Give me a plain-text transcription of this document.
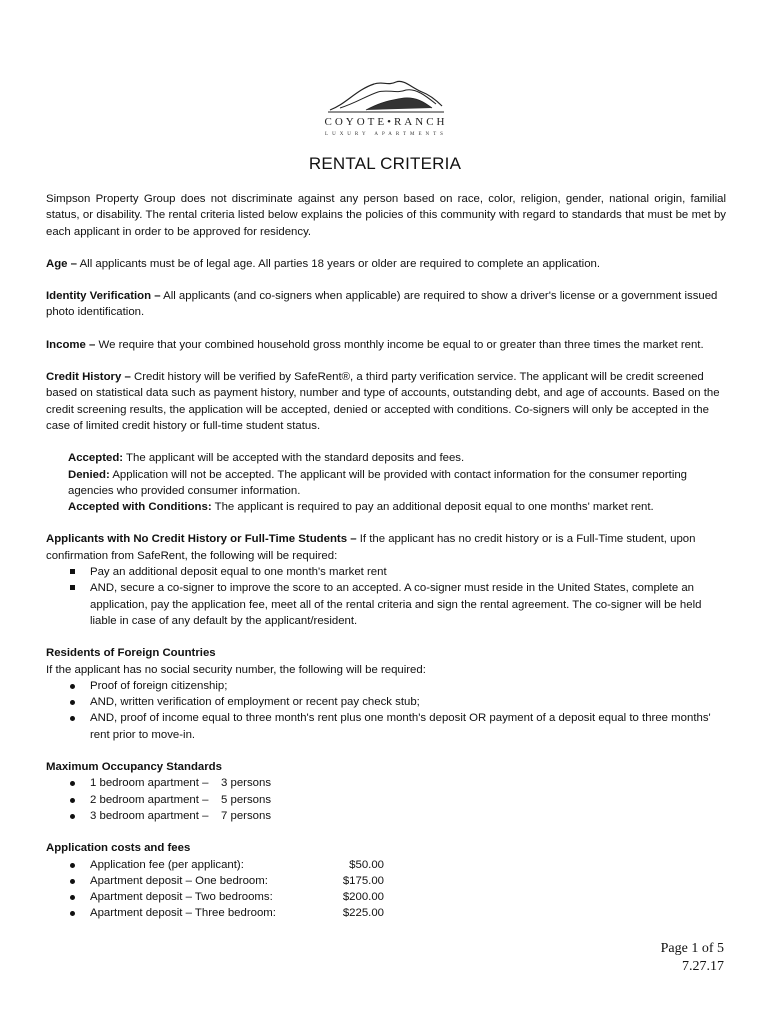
COYOTE•RANCH
LUXURY APARTMENTS
RENTAL CRITERIA

Simpson Property Group does not discriminate against any person based on race, color, religion, gender, national origin, familial status, or disability. The rental criteria listed below explains the policies of this community with regard to standards that must be met by each applicant in order to be approved for residency.

Age – All applicants must be of legal age. All parties 18 years or older are required to complete an application.

Identity Verification – All applicants (and co-signers when applicable) are required to show a driver's license or a government issued photo identification.

Income – We require that your combined household gross monthly income be equal to or greater than three times the market rent.

Credit History – Credit history will be verified by SafeRent®, a third party verification service. The applicant will be credit screened based on statistical data such as payment history, number and type of accounts, outstanding debt, and age of accounts. Based on the credit screening results, the application will be accepted, denied or accepted with conditions. Co-signers will only be accepted in the case of limited credit history or full-time student status.

Accepted: The applicant will be accepted with the standard deposits and fees.
Denied: Application will not be accepted. The applicant will be provided with contact information for the consumer reporting agencies who provided consumer information.
Accepted with Conditions: The applicant is required to pay an additional deposit equal to one months' market rent.
Applicants with No Credit History or Full-Time Students – If the applicant has no credit history or is a Full-Time student, upon confirmation from SafeRent, the following will be required:
Pay an additional deposit equal to one month's market rent
AND, secure a co-signer to improve the score to an accepted. A co-signer must reside in the United States, complete an application, pay the application fee, meet all of the rental criteria and sign the rental agreement. The co-signer will be held liable in case of any default by the applicant/resident.
Residents of Foreign Countries
If the applicant has no social security number, the following will be required:
Proof of foreign citizenship;
AND, written verification of employment or recent pay check stub;
AND, proof of income equal to three month's rent plus one month's deposit OR payment of a deposit equal to three months' rent prior to move-in.
Maximum Occupancy Standards
1 bedroom apartment – 3 persons
2 bedroom apartment – 5 persons
3 bedroom apartment – 7 persons
Application costs and fees
Application fee (per applicant):	$50.00
Apartment deposit – One bedroom:	$175.00
Apartment deposit – Two bedrooms:	$200.00
Apartment deposit – Three bedroom:	$225.00
Page 1 of 5
7.27.17
